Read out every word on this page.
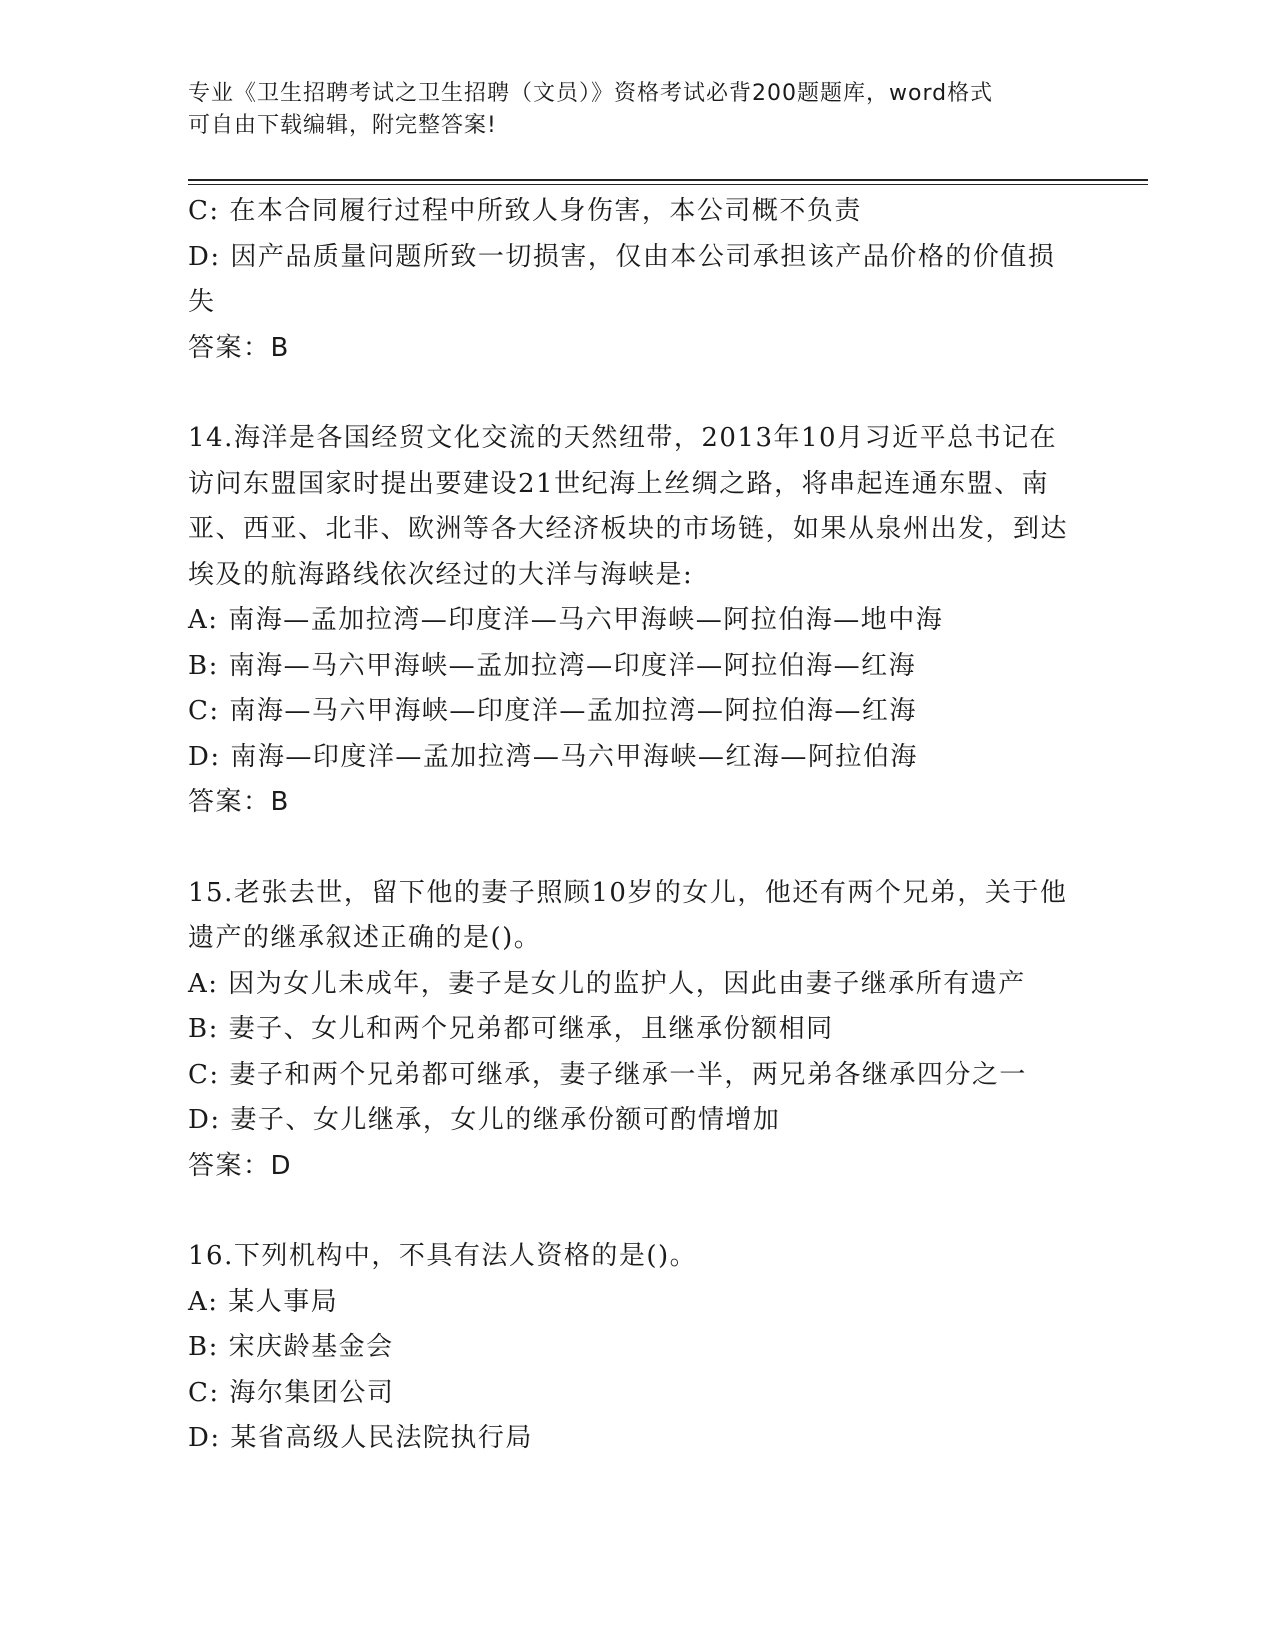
专业《卫生招聘考试之卫生招聘（文员）》资格考试必背200题题库，word格式
可自由下载编辑，附完整答案!

C: 在本合同履行过程中所致人身伤害，本公司概不负责

D: 因产品质量问题所致一切损害，仅由本公司承担该产品价格的价值损失

答案：B

14.海洋是各国经贸文化交流的天然纽带，2013年10月习近平总书记在访问东盟国家时提出要建设21世纪海上丝绸之路，将串起连通东盟、南亚、西亚、北非、欧洲等各大经济板块的市场链，如果从泉州出发，到达埃及的航海路线依次经过的大洋与海峡是:

A: 南海—孟加拉湾—印度洋—马六甲海峡—阿拉伯海—地中海

B: 南海—马六甲海峡—孟加拉湾—印度洋—阿拉伯海—红海

C: 南海—马六甲海峡—印度洋—孟加拉湾—阿拉伯海—红海

D: 南海—印度洋—孟加拉湾—马六甲海峡—红海—阿拉伯海

答案：B

15.老张去世，留下他的妻子照顾10岁的女儿，他还有两个兄弟，关于他遗产的继承叙述正确的是()。

A: 因为女儿未成年，妻子是女儿的监护人，因此由妻子继承所有遗产

B: 妻子、女儿和两个兄弟都可继承，且继承份额相同

C: 妻子和两个兄弟都可继承，妻子继承一半，两兄弟各继承四分之一

D: 妻子、女儿继承，女儿的继承份额可酌情增加

答案：D

16.下列机构中，不具有法人资格的是()。

A: 某人事局

B: 宋庆龄基金会

C: 海尔集团公司

D: 某省高级人民法院执行局
